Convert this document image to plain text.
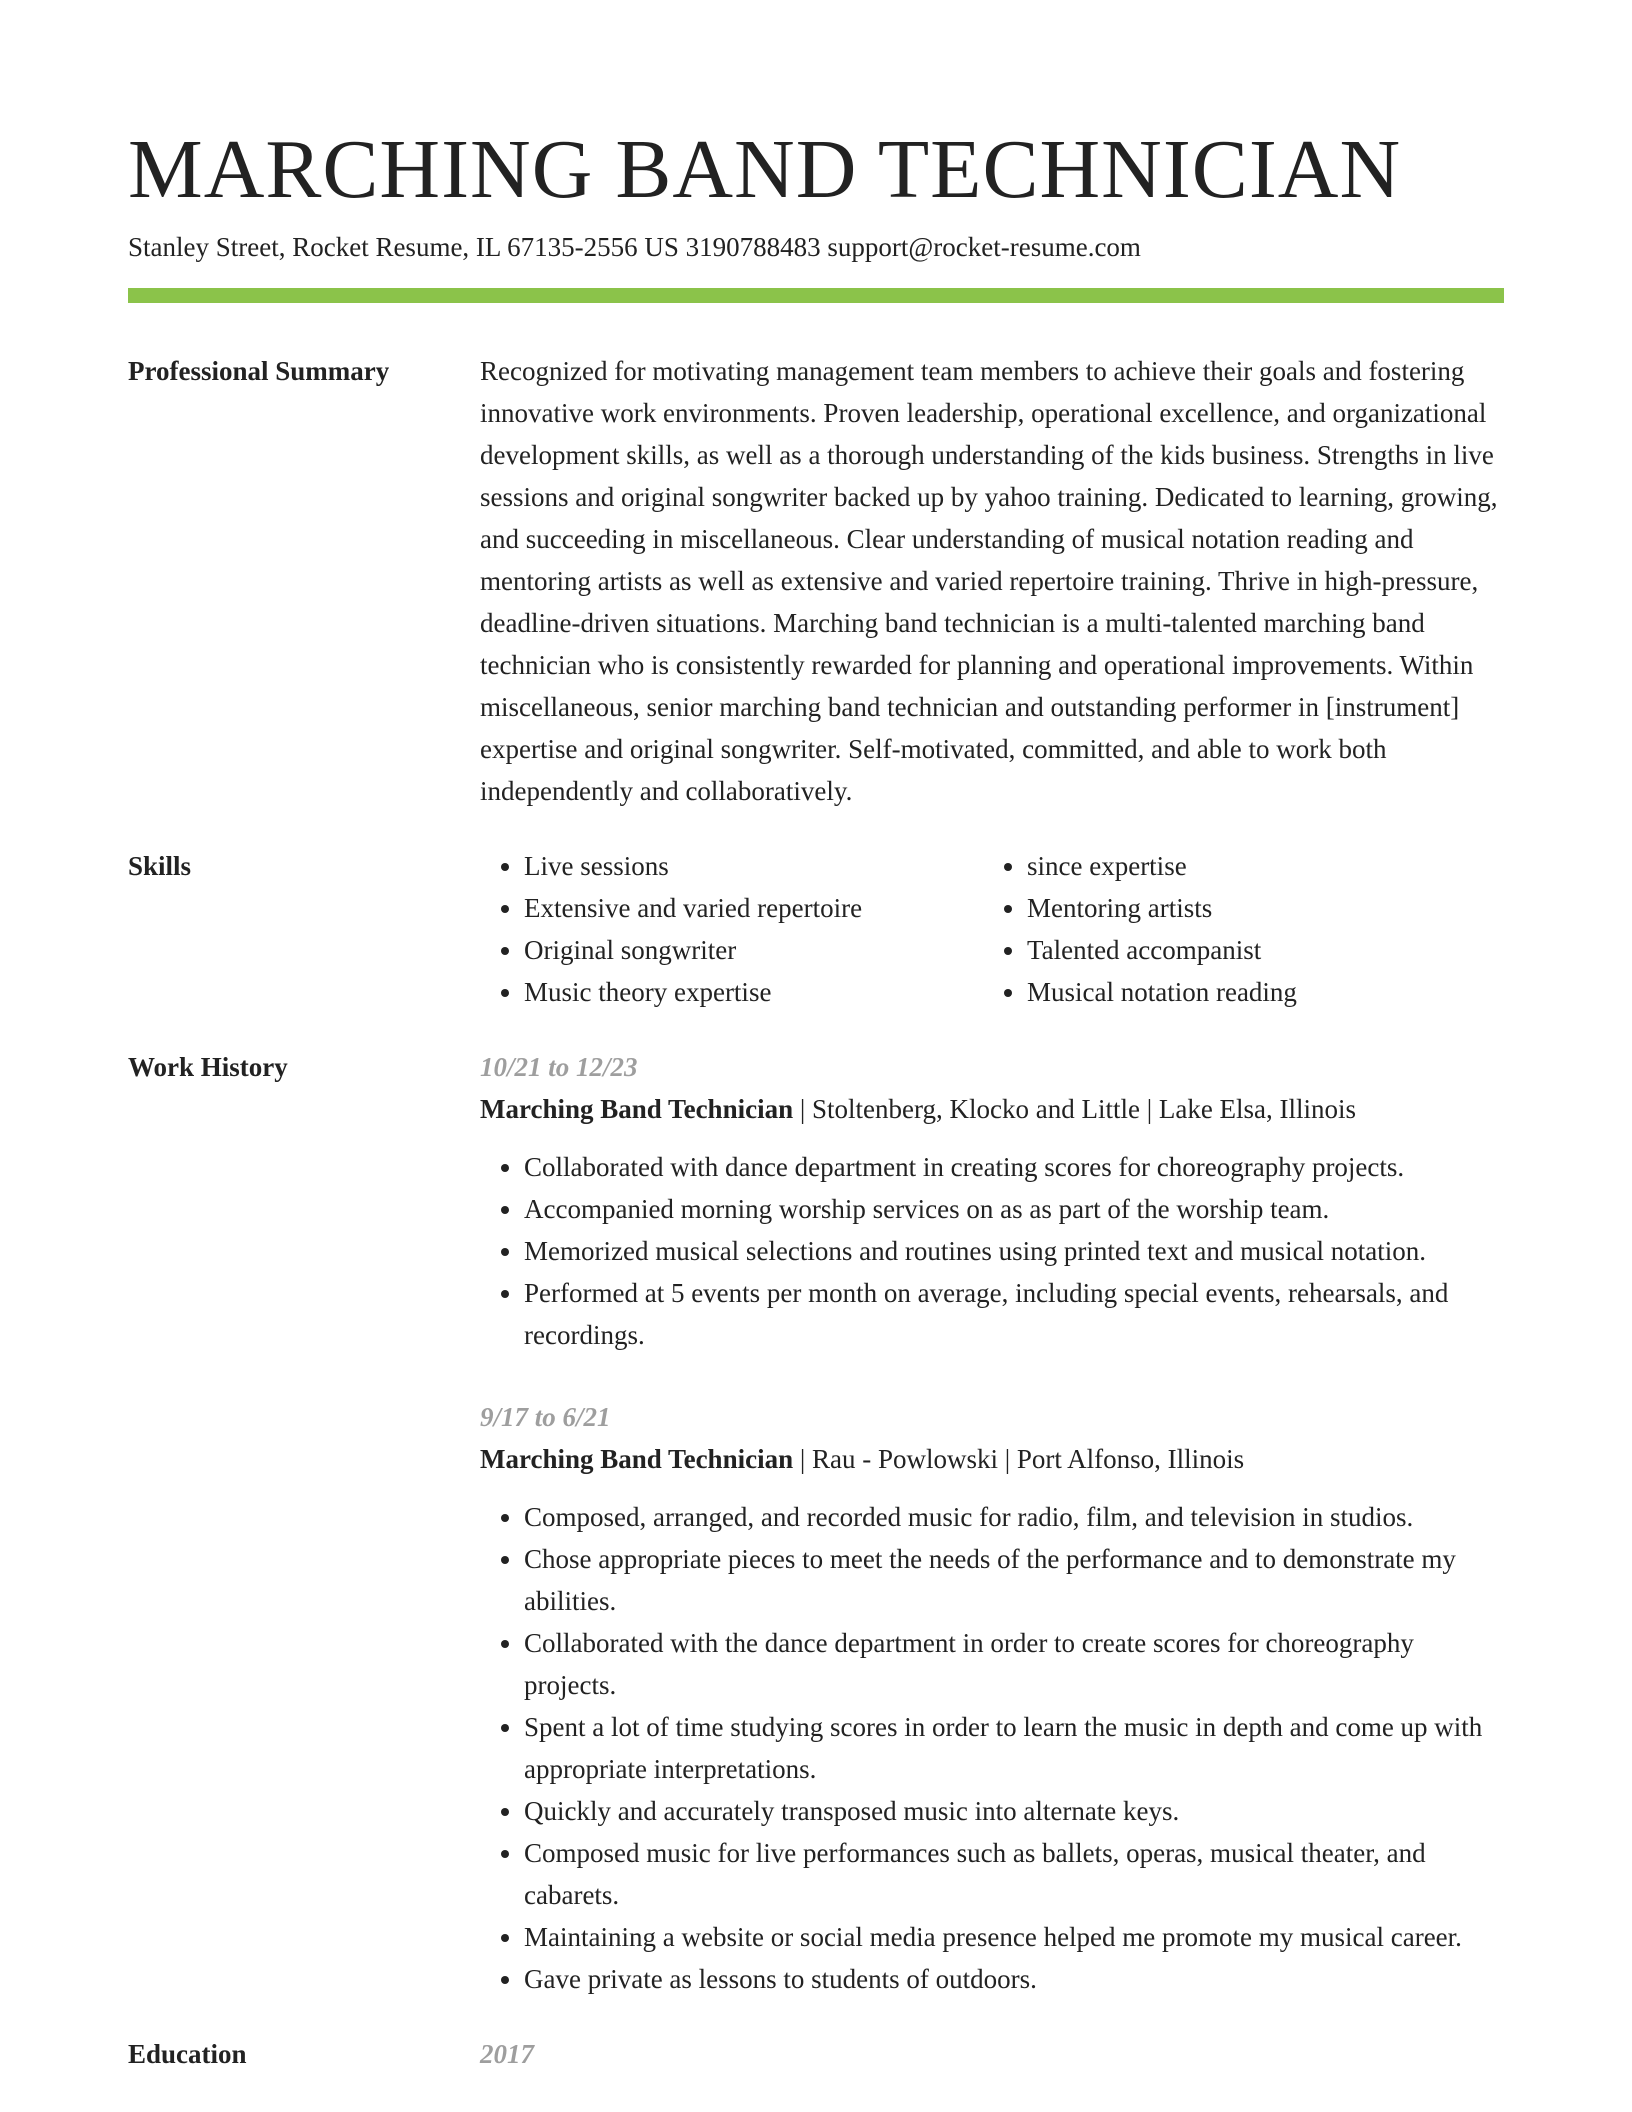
MARCHING BAND TECHNICIAN
Stanley Street, Rocket Resume, IL 67135-2556 US 3190788483 support@rocket-resume.com
Professional Summary	Recognized for motivating management team members to achieve their goals and fostering innovative work environments. Proven leadership, operational excellence, and organizational development skills, as well as a thorough understanding of the kids business. Strengths in live sessions and original songwriter backed up by yahoo training. Dedicated to learning, growing, and succeeding in miscellaneous. Clear understanding of musical notation reading and mentoring artists as well as extensive and varied repertoire training. Thrive in high-pressure, deadline-driven situations. Marching band technician is a multi-talented marching band technician who is consistently rewarded for planning and operational improvements. Within miscellaneous, senior marching band technician and outstanding performer in [instrument] expertise and original songwriter. Self-motivated, committed, and able to work both independently and collaboratively.
Skills
•	Live sessions
• Extensive and varied repertoire
• Original songwriter
• Music theory expertise
• since expertise
• Mentoring artists
• Talented accompanist
• Musical notation reading
Work History	10/21 to 12/23
Marching Band Technician | Stoltenberg, Klocko and Little | Lake Elsa, Illinois
• Collaborated with dance department in creating scores for choreography projects.
• Accompanied morning worship services on as as part of the worship team.
• Memorized musical selections and routines using printed text and musical notation.
• Performed at 5 events per month on average, including special events, rehearsals, and recordings.
9/17 to 6/21
Marching Band Technician | Rau - Powlowski | Port Alfonso, Illinois
• Composed, arranged, and recorded music for radio, film, and television in studios.
• Chose appropriate pieces to meet the needs of the performance and to demonstrate my abilities.
• Collaborated with the dance department in order to create scores for choreography projects.
• Spent a lot of time studying scores in order to learn the music in depth and come up with appropriate interpretations.
• Quickly and accurately transposed music into alternate keys.
• Composed music for live performances such as ballets, operas, musical theater, and cabarets.
• Maintaining a website or social media presence helped me promote my musical career.
• Gave private as lessons to students of outdoors.
Education	2017
